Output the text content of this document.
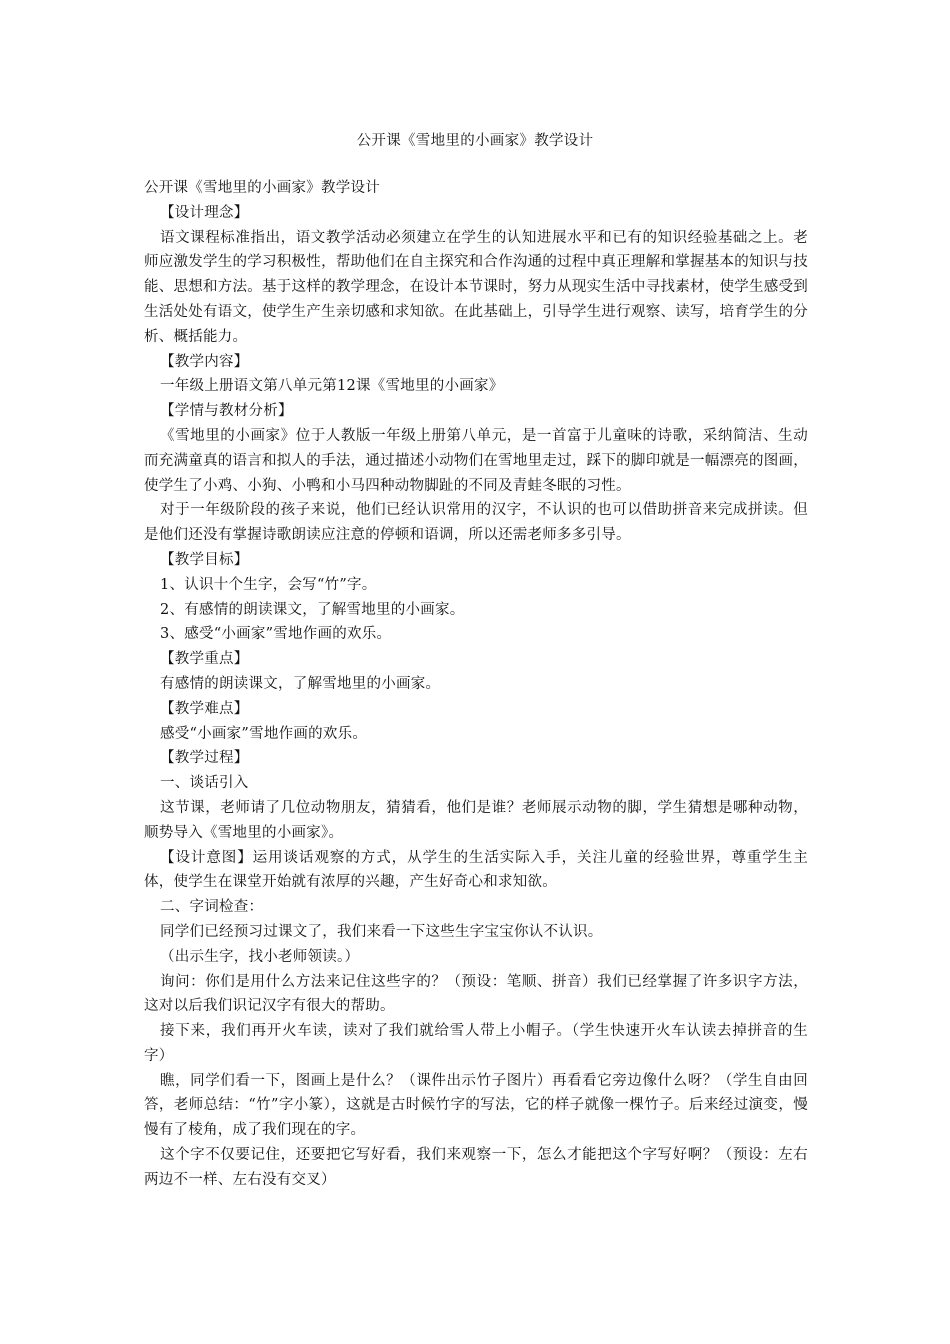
公开课《雪地里的小画家》教学设计

公开课《雪地里的小画家》教学设计

【设计理念】

语文课程标准指出，语文教学活动必须建立在学生的认知进展水平和已有的知识经验基础之上。老师应激发学生的学习积极性，帮助他们在自主探究和合作沟通的过程中真正理解和掌握基本的知识与技能、思想和方法。基于这样的教学理念，在设计本节课时，努力从现实生活中寻找素材，使学生感受到生活处处有语文，使学生产生亲切感和求知欲。在此基础上，引导学生进行观察、读写，培育学生的分析、概括能力。

【教学内容】

一年级上册语文第八单元第12课《雪地里的小画家》

【学情与教材分析】

《雪地里的小画家》位于人教版一年级上册第八单元，是一首富于儿童味的诗歌，采纳简洁、生动而充满童真的语言和拟人的手法，通过描述小动物们在雪地里走过，踩下的脚印就是一幅漂亮的图画，使学生了小鸡、小狗、小鸭和小马四种动物脚趾的不同及青蛙冬眠的习性。

对于一年级阶段的孩子来说，他们已经认识常用的汉字，不认识的也可以借助拼音来完成拼读。但是他们还没有掌握诗歌朗读应注意的停顿和语调，所以还需老师多多引导。

【教学目标】

1、认识十个生字，会写“竹”字。

2、有感情的朗读课文，了解雪地里的小画家。

3、感受“小画家”雪地作画的欢乐。

【教学重点】

有感情的朗读课文，了解雪地里的小画家。

【教学难点】

感受“小画家”雪地作画的欢乐。

【教学过程】

一、谈话引入

这节课，老师请了几位动物朋友，猜猜看，他们是谁？老师展示动物的脚，学生猜想是哪种动物，顺势导入《雪地里的小画家》。

【设计意图】运用谈话观察的方式，从学生的生活实际入手，关注儿童的经验世界，尊重学生主体，使学生在课堂开始就有浓厚的兴趣，产生好奇心和求知欲。

二、字词检查：

同学们已经预习过课文了，我们来看一下这些生字宝宝你认不认识。

（出示生字，找小老师领读。）

询问：你们是用什么方法来记住这些字的？（预设：笔顺、拼音）我们已经掌握了许多识字方法，这对以后我们识记汉字有很大的帮助。

接下来，我们再开火车读，读对了我们就给雪人带上小帽子。（学生快速开火车认读去掉拼音的生字）

瞧，同学们看一下，图画上是什么？（课件出示竹子图片）再看看它旁边像什么呀？（学生自由回答，老师总结：“竹”字小篆），这就是古时候竹字的写法，它的样子就像一棵竹子。后来经过演变，慢慢有了棱角，成了我们现在的字。

这个字不仅要记住，还要把它写好看，我们来观察一下，怎么才能把这个字写好啊？（预设：左右两边不一样、左右没有交叉）
